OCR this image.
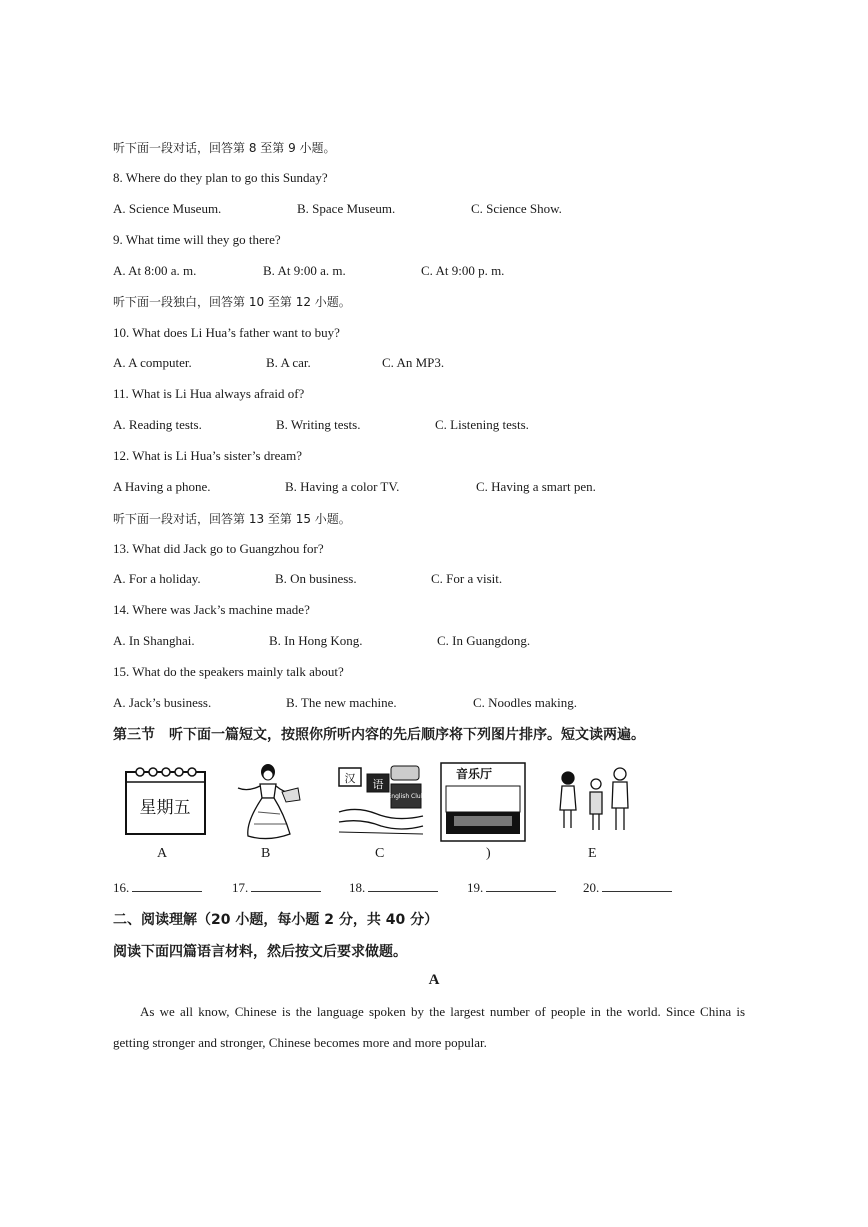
听下面一段对话，回答第 8 至第 9 小题。
8. Where do they plan to go this Sunday?
A. Science Museum.	B. Space Museum.	C. Science Show.
9. What time will they go there?
A. At 8:00 a. m.	B. At 9:00 a. m.	C. At 9:00 p. m.
听下面一段独白，回答第 10 至第 12 小题。
10. What does Li Hua’s father want to buy?
A. A computer.	B. A car.	C. An MP3.
11. What is Li Hua always afraid of?
A. Reading tests.	B. Writing tests.	C. Listening tests.
12. What is Li Hua’s sister’s dream?
A Having a phone.	B. Having a color TV.	C. Having a smart pen.
听下面一段对话，回答第 13 至第 15 小题。
13. What did Jack go to Guangzhou for?
A. For a holiday.	B. On business.	C. For a visit.
14. Where was Jack’s machine made?
A. In Shanghai.	B. In Hong Kong.	C. In Guangdong.
15. What do the speakers mainly talk about?
A. Jack’s business.	B. The new machine.	C. Noodles making.
第三节　听下面一篇短文，按照你所听内容的先后顺序将下列图片排序。短文读两遍。
星期五
汉 语
English Club
音乐厅
A	B	C	)	E
16.	17.	18.	19.	20.
二、阅读理解（20 小题，每小题 2 分，共 40 分）
阅读下面四篇语言材料，然后按文后要求做题。
A
As we all know, Chinese is the language spoken by the largest number of people in the world. Since China is getting stronger and stronger, Chinese becomes more and more popular.
